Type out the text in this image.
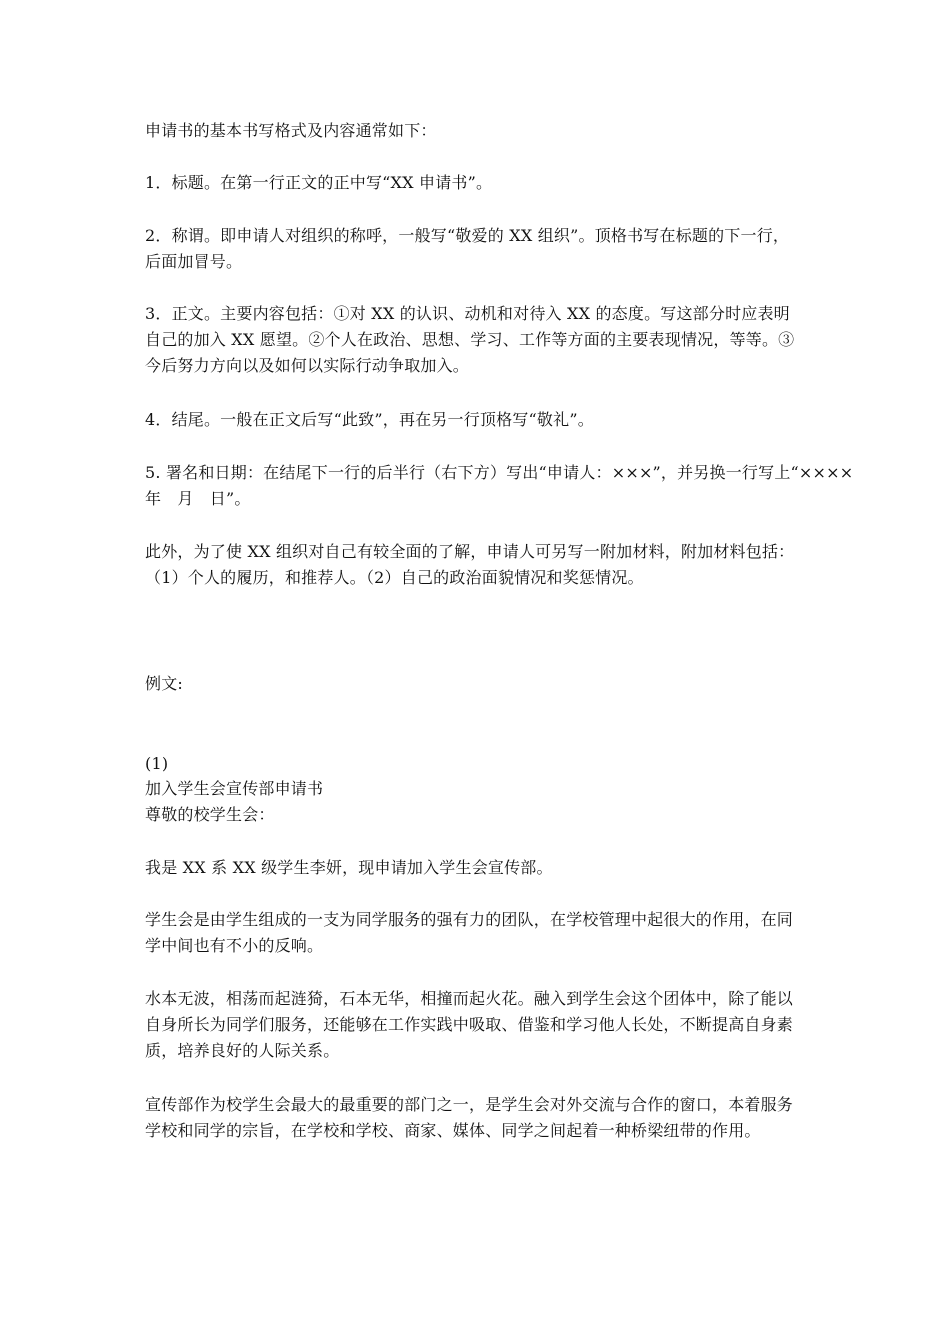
申请书的基本书写格式及内容通常如下：
1．标题。在第一行正文的正中写“XX 申请书”。
2．称谓。即申请人对组织的称呼，一般写“敬爱的 XX 组织”。顶格书写在标题的下一行，
后面加冒号。
3．正文。主要内容包括：①对 XX 的认识、动机和对待入 XX 的态度。写这部分时应表明
自己的加入 XX 愿望。②个人在政治、思想、学习、工作等方面的主要表现情况，等等。③
今后努力方向以及如何以实际行动争取加入。
4．结尾。一般在正文后写“此致”，再在另一行顶格写“敬礼”。
5. 署名和日期：在结尾下一行的后半行（右下方）写出“申请人：×××”，并另换一行写上“××××
年　月　日”。
此外，为了使 XX 组织对自己有较全面的了解，申请人可另写一附加材料，附加材料包括：
（1）个人的履历，和推荐人。（2）自己的政治面貌情况和奖惩情况。
例文:
(1)
加入学生会宣传部申请书
尊敬的校学生会：
我是 XX 系 XX 级学生李妍，现申请加入学生会宣传部。
学生会是由学生组成的一支为同学服务的强有力的团队，在学校管理中起很大的作用，在同
学中间也有不小的反响。
水本无波，相荡而起涟猗，石本无华，相撞而起火花。融入到学生会这个团体中，除了能以
自身所长为同学们服务，还能够在工作实践中吸取、借鉴和学习他人长处，不断提高自身素
质，培养良好的人际关系。
宣传部作为校学生会最大的最重要的部门之一，是学生会对外交流与合作的窗口，本着服务
学校和同学的宗旨，在学校和学校、商家、媒体、同学之间起着一种桥梁纽带的作用。
